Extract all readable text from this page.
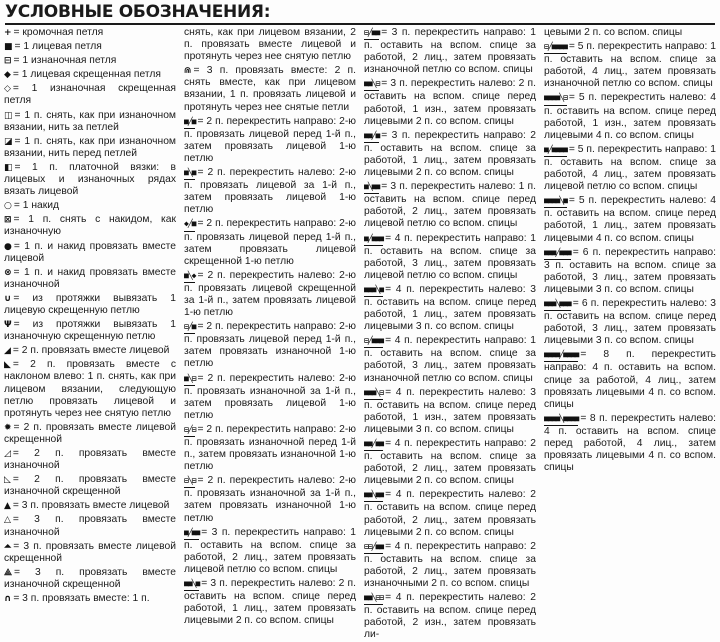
УСЛОВНЫЕ ОБОЗНАЧЕНИЯ:
+ = кромочная петля
■ = 1 лицевая петля
⊟ = 1 изнаночная петля
◆ = 1 лицевая скрещенная петля
◇ = 1 изнаночная скрещенная петля
◫ = 1 п. снять, как при изнаночном вязании, нить за петлей
◪ = 1 п. снять, как при изнаночном вязании, нить перед петлей
◧ = 1 п. платочной вязки: в лицевых и изнаночных рядах вязать лицевой
○ = 1 накид
⊠ = 1 п. снять с накидом, как изнаночную
● = 1 п. и накид провязать вместе лицевой
⊗ = 1 п. и накид провязать вместе изнаночной
∪ = из протяжки вывязать 1 лицевую скрещенную петлю
Ψ = из протяжки вывязать 1 изнаночную скрещенную петлю
◢ = 2 п. провязать вместе лицевой
◣ = 2 п. провязать вместе с наклоном влево: 1 п. снять, как при лицевом вязании, следующую петлю провязать лицевой и протянуть через нее снятую петлю
✹ = 2 п. провязать вместе лицевой скрещенной
◿ = 2 п. провязать вместе изнаночной
◺ = 2 п. провязать вместе изнаночной скрещенной
▲ = 3 п. провязать вместе лицевой
△ = 3 п. провязать вместе изнаночной
⏶ = 3 п. провязать вместе лицевой скрещенной
⟁ = 3 п. провязать вместе изнаночной скрещенной
∩ = 3 п. провязать вместе: 1 п.
снять, как при лицевом вязании, 2 п. провязать вместе лицевой и протянуть через нее снятую петлю
⋒ = 3 п. провязать вместе: 2 п. снять вместе, как при лицевом вязании, 1 п. провязать лицевой и протянуть через нее снятые петли
■╱■ = 2 п. перекрестить направо: 2-ю п. провязать лицевой перед 1-й п., затем провязать лицевой 1-ю петлю
■╲■ = 2 п. перекрестить налево: 2-ю п. провязать лицевой за 1-й п., затем провязать лицевой 1-ю петлю
◆╱■ = 2 п. перекрестить направо: 2-ю п. провязать лицевой перед 1-й п., затем провязать лицевой скрещенной 1-ю петлю
■╲◆ = 2 п. перекрестить налево: 2-ю п. провязать лицевой скрещенной за 1-й п., затем провязать лицевой 1-ю петлю
⊟╱■ = 2 п. перекрестить направо: 2-ю п. провязать лицевой перед 1-й п., затем провязать изнаночной 1-ю петлю
■╲⊟ = 2 п. перекрестить налево: 2-ю п. провязать изнаночной за 1-й п., затем провязать лицевой 1-ю петлю
⊟╱⊟ = 2 п. перекрестить направо: 2-ю п. провязать изнаночной перед 1-й п., затем провязать изнаночной 1-ю петлю
⊟╲⊟ = 2 п. перекрестить налево: 2-ю п. провязать изнаночной за 1-й п., затем провязать изнаночной 1-ю петлю
■╱■■ = 3 п. перекрестить направо: 1 п. оставить на вспом. спице за работой, 2 лиц., затем провязать лицевой петлю со вспом. спицы
■■╲■ = 3 п. перекрестить налево: 2 п. оставить на вспом. спице перед работой, 1 лиц., затем провязать лицевыми 2 п. со вспом. спицы
⊟╱■■ = 3 п. перекрестить направо: 1 п. оставить на вспом. спице за работой, 2 лиц., затем провязать изнаночной петлю со вспом. спицы
■■╲⊟ = 3 п. перекрестить налево: 2 п. оставить на вспом. спице перед работой, 1 изн., затем провязать лицевыми 2 п. со вспом. спицы
■■╱■ = 3 п. перекрестить направо: 2 п. оставить на вспом. спице за работой, 1 лиц., затем провязать лицевыми 2 п. со вспом. спицы
■╲■■ = 3 п. перекрестить налево: 1 п. оставить на вспом. спице перед работой, 2 лиц., затем провязать лицевой петлю со вспом. спицы
■╱■■■ = 4 п. перекрестить направо: 1 п. оставить на вспом. спице за работой, 3 лиц., затем провязать лицевой петлю со вспом. спицы
■■■╲■ = 4 п. перекрестить налево: 3 п. оставить на вспом. спице перед работой, 1 лиц., затем провязать лицевыми 3 п. со вспом. спицы
⊟╱■■■ = 4 п. перекрестить направо: 1 п. оставить на вспом. спице за работой, 3 лиц., затем провязать изнаночной петлю со вспом. спицы
■■■╲⊟ = 4 п. перекрестить налево: 3 п. оставить на вспом. спице перед работой, 1 изн., затем провязать лицевыми 3 п. со вспом. спицы
■■╱■■ = 4 п. перекрестить направо: 2 п. оставить на вспом. спице за работой, 2 лиц., затем провязать лицевыми 2 п. со вспом. спицы
■■╲■■ = 4 п. перекрестить налево: 2 п. оставить на вспом. спице перед работой, 2 лиц., затем провязать лицевыми 2 п. со вспом. спицы
⊟⊟╱■■ = 4 п. перекрестить направо: 2 п. оставить на вспом. спице за работой, 2 лиц., затем провязать изнаночными 2 п. со вспом. спицы
■■╲⊟⊟ = 4 п. перекрестить налево: 2 п. оставить на вспом. спице перед работой, 2 изн., затем провязать ли-
цевыми 2 п. со вспом. спицы
⊟╱■■■■ = 5 п. перекрестить направо: 1 п. оставить на вспом. спице за работой, 4 лиц., затем провязать изнаночной петлю со вспом. спицы
■■■■╲⊟ = 5 п. перекрестить налево: 4 п. оставить на вспом. спице перед работой, 1 изн., затем провязать лицевыми 4 п. со вспом. спицы
■╱■■■■ = 5 п. перекрестить направо: 1 п. оставить на вспом. спице за работой, 4 лиц., затем провязать лицевой петлю со вспом. спицы
■■■■╲■ = 5 п. перекрестить налево: 4 п. оставить на вспом. спице перед работой, 1 лиц., затем провязать лицевыми 4 п. со вспом. спицы
■■■╱■■■ = 6 п. перекрестить направо: 3 п. оставить на вспом. спице за работой, 3 лиц., затем провязать лицевыми 3 п. со вспом. спицы
■■■╲■■■ = 6 п. перекрестить налево: 3 п. оставить на вспом. спице перед работой, 3 лиц., затем провязать лицевыми 3 п. со вспом. спицы
■■■■╱■■■■ = 8 п. перекрестить направо: 4 п. оставить на вспом. спице за работой, 4 лиц., затем провязать лицевыми 4 п. со вспом. спицы
■■■■╲■■■■ = 8 п. перекрестить налево: 4 п. оставить на вспом. спице перед работой, 4 лиц., затем провязать лицевыми 4 п. со вспом. спицы
